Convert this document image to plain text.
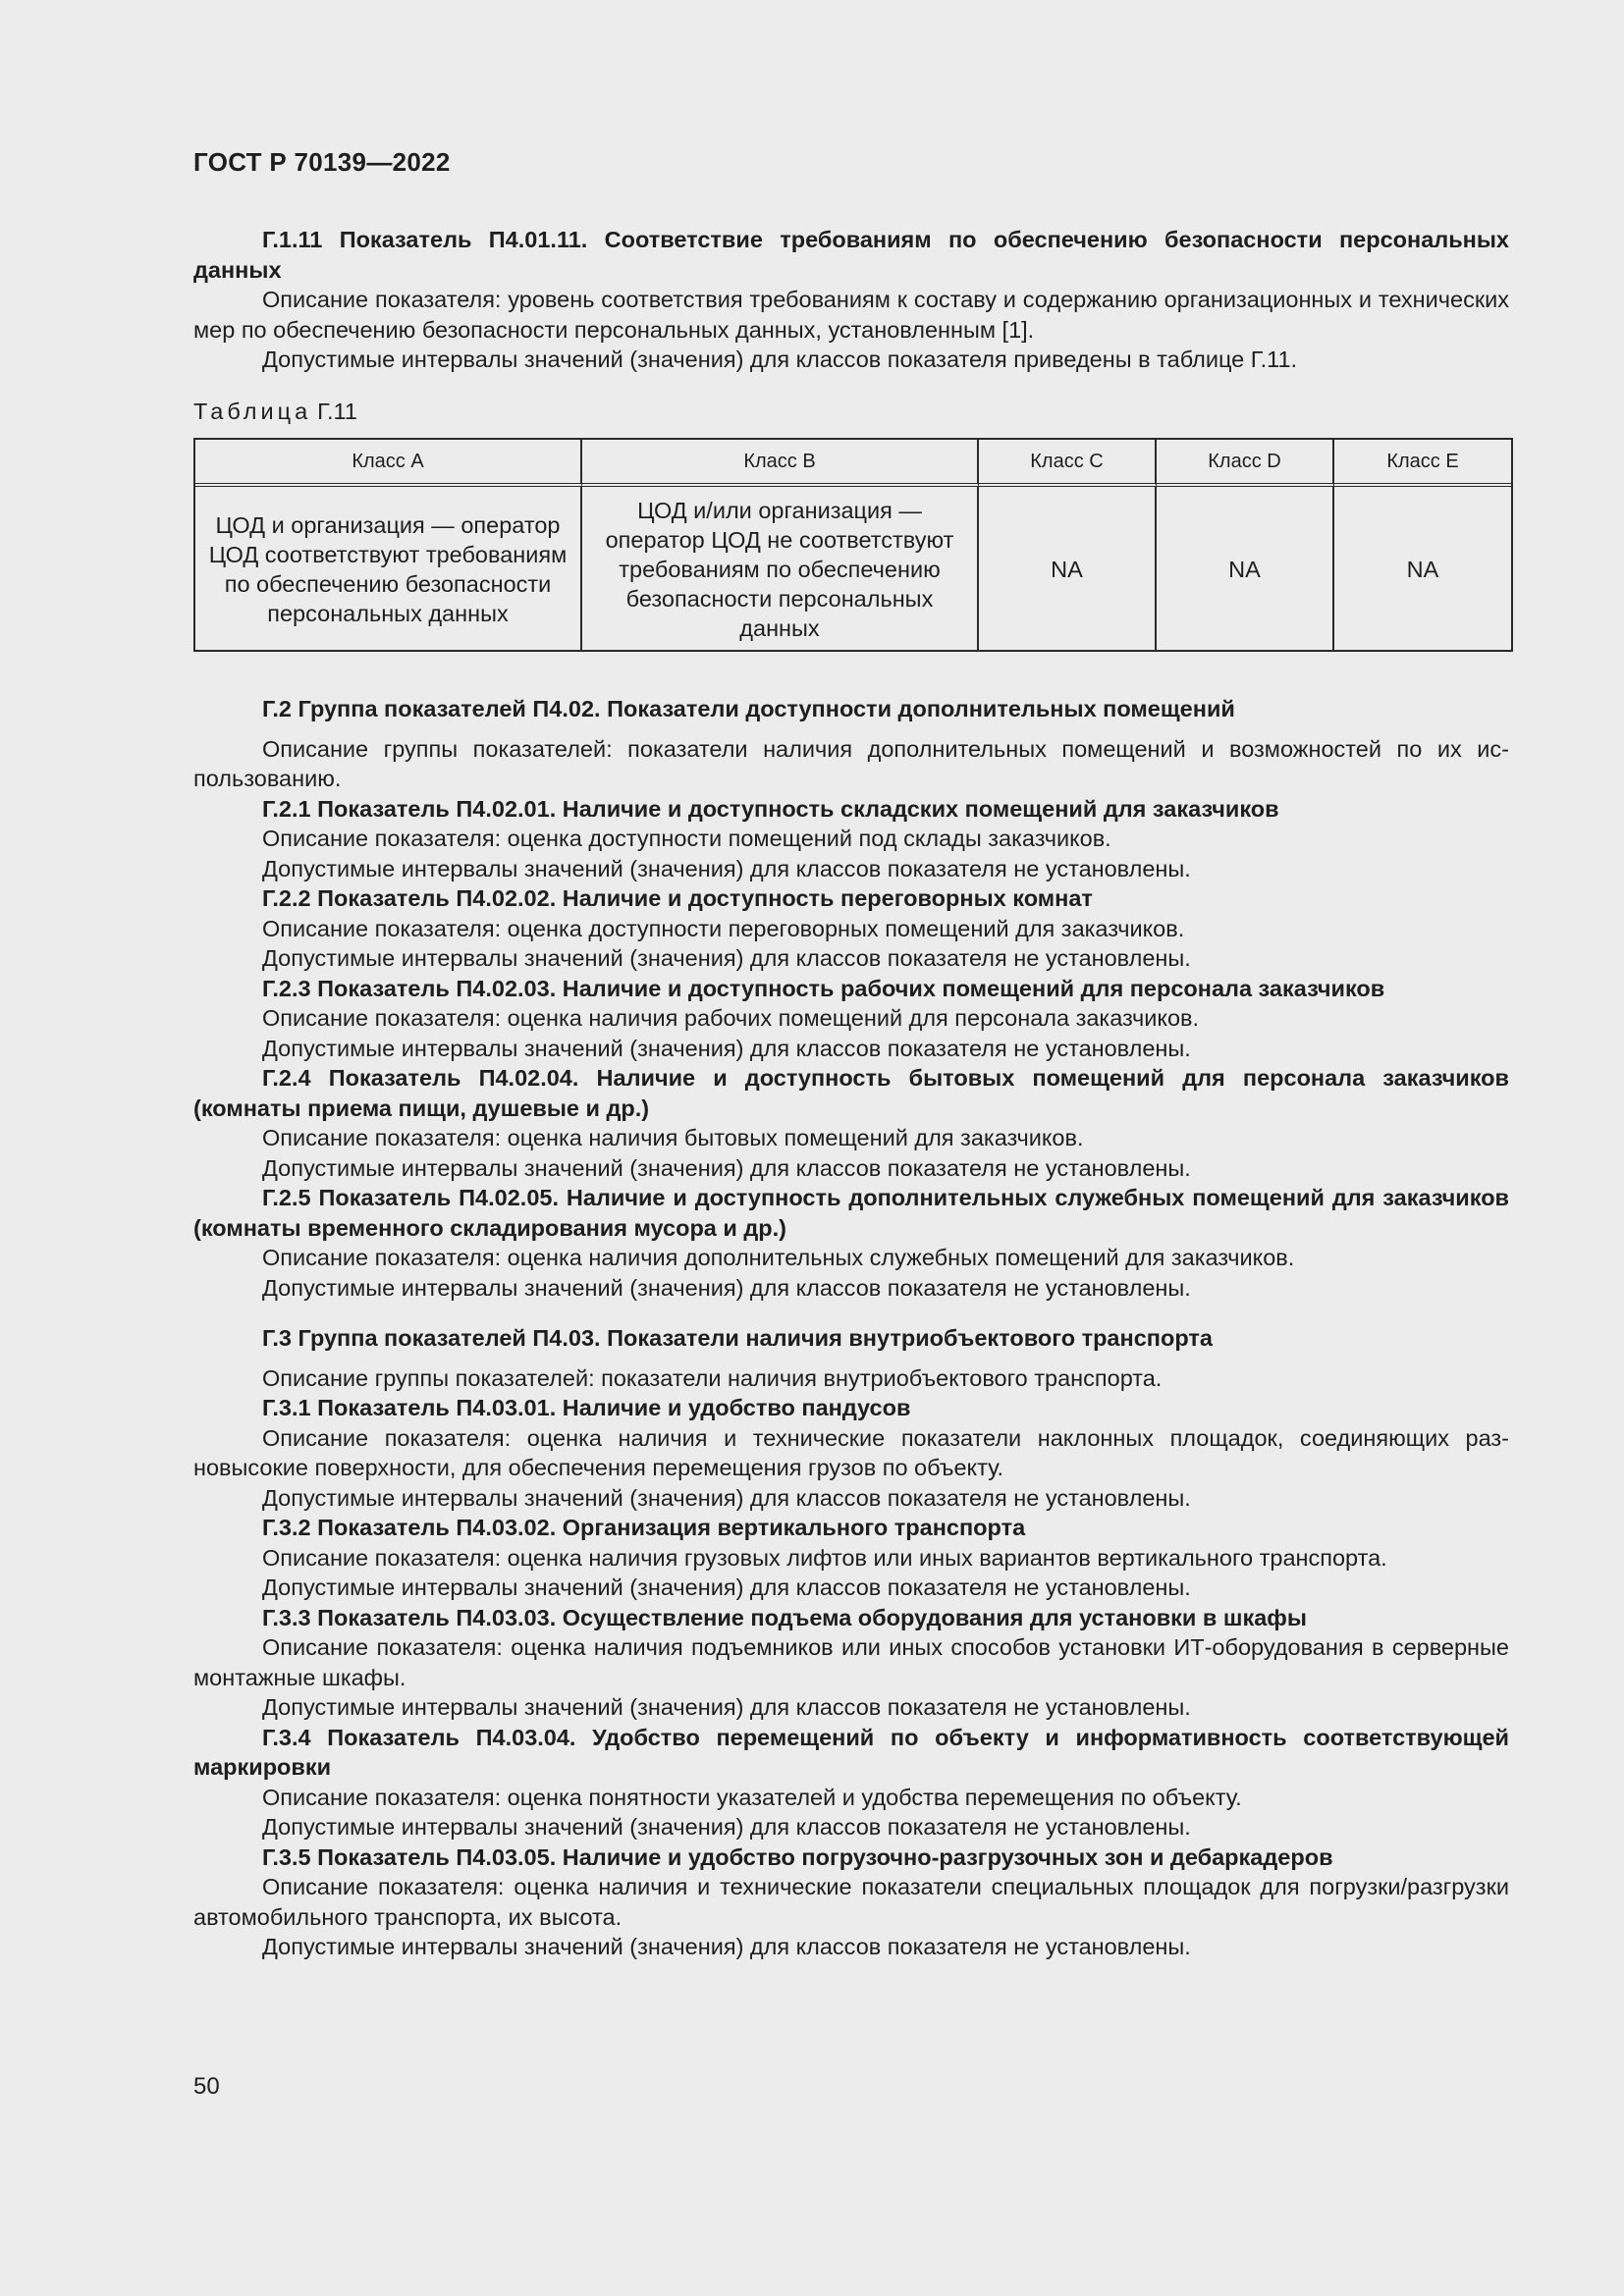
ГОСТ Р 70139—2022

Г.1.11 Показатель П4.01.11. Соответствие требованиям по обеспечению безопасности персональных данных

Описание показателя: уровень соответствия требованиям к составу и содержанию организационных и технических мер по обеспечению безопасности персональных данных, установленным [1].

Допустимые интервалы значений (значения) для классов показателя приведены в таблице Г.11.

Таблица Г.11

Класс A	Класс B	Класс C	Класс D	Класс E
ЦОД и организация — оператор ЦОД соответствуют требованиям по обеспечению безопасности персональных данных	ЦОД и/или организация — оператор ЦОД не соответствуют требованиям по обеспечению безопасности персональных данных	NA	NA	NA

Г.2 Группа показателей П4.02. Показатели доступности дополнительных помещений

Описание группы показателей: показатели наличия дополнительных помещений и возможностей по их использованию.

Г.2.1 Показатель П4.02.01. Наличие и доступность складских помещений для заказчиков

Описание показателя: оценка доступности помещений под склады заказчиков.

Допустимые интервалы значений (значения) для классов показателя не установлены.

Г.2.2 Показатель П4.02.02. Наличие и доступность переговорных комнат

Описание показателя: оценка доступности переговорных помещений для заказчиков.

Допустимые интервалы значений (значения) для классов показателя не установлены.

Г.2.3 Показатель П4.02.03. Наличие и доступность рабочих помещений для персонала заказчиков

Описание показателя: оценка наличия рабочих помещений для персонала заказчиков.

Допустимые интервалы значений (значения) для классов показателя не установлены.

Г.2.4 Показатель П4.02.04. Наличие и доступность бытовых помещений для персонала заказчиков (комнаты приема пищи, душевые и др.)

Описание показателя: оценка наличия бытовых помещений для заказчиков.

Допустимые интервалы значений (значения) для классов показателя не установлены.

Г.2.5 Показатель П4.02.05. Наличие и доступность дополнительных служебных помещений для заказчиков (комнаты временного складирования мусора и др.)

Описание показателя: оценка наличия дополнительных служебных помещений для заказчиков.

Допустимые интервалы значений (значения) для классов показателя не установлены.

Г.3 Группа показателей П4.03. Показатели наличия внутриобъектового транспорта

Описание группы показателей: показатели наличия внутриобъектового транспорта.

Г.3.1 Показатель П4.03.01. Наличие и удобство пандусов

Описание показателя: оценка наличия и технические показатели наклонных площадок, соединяющих разновысокие поверхности, для обеспечения перемещения грузов по объекту.

Допустимые интервалы значений (значения) для классов показателя не установлены.

Г.3.2 Показатель П4.03.02. Организация вертикального транспорта

Описание показателя: оценка наличия грузовых лифтов или иных вариантов вертикального транспорта.

Допустимые интервалы значений (значения) для классов показателя не установлены.

Г.3.3 Показатель П4.03.03. Осуществление подъема оборудования для установки в шкафы

Описание показателя: оценка наличия подъемников или иных способов установки ИТ-оборудования в серверные монтажные шкафы.

Допустимые интервалы значений (значения) для классов показателя не установлены.

Г.3.4 Показатель П4.03.04. Удобство перемещений по объекту и информативность соответствующей маркировки

Описание показателя: оценка понятности указателей и удобства перемещения по объекту.

Допустимые интервалы значений (значения) для классов показателя не установлены.

Г.3.5 Показатель П4.03.05. Наличие и удобство погрузочно-разгрузочных зон и дебаркадеров

Описание показателя: оценка наличия и технические показатели специальных площадок для погрузки/разгрузки автомобильного транспорта, их высота.

Допустимые интервалы значений (значения) для классов показателя не установлены.

50
